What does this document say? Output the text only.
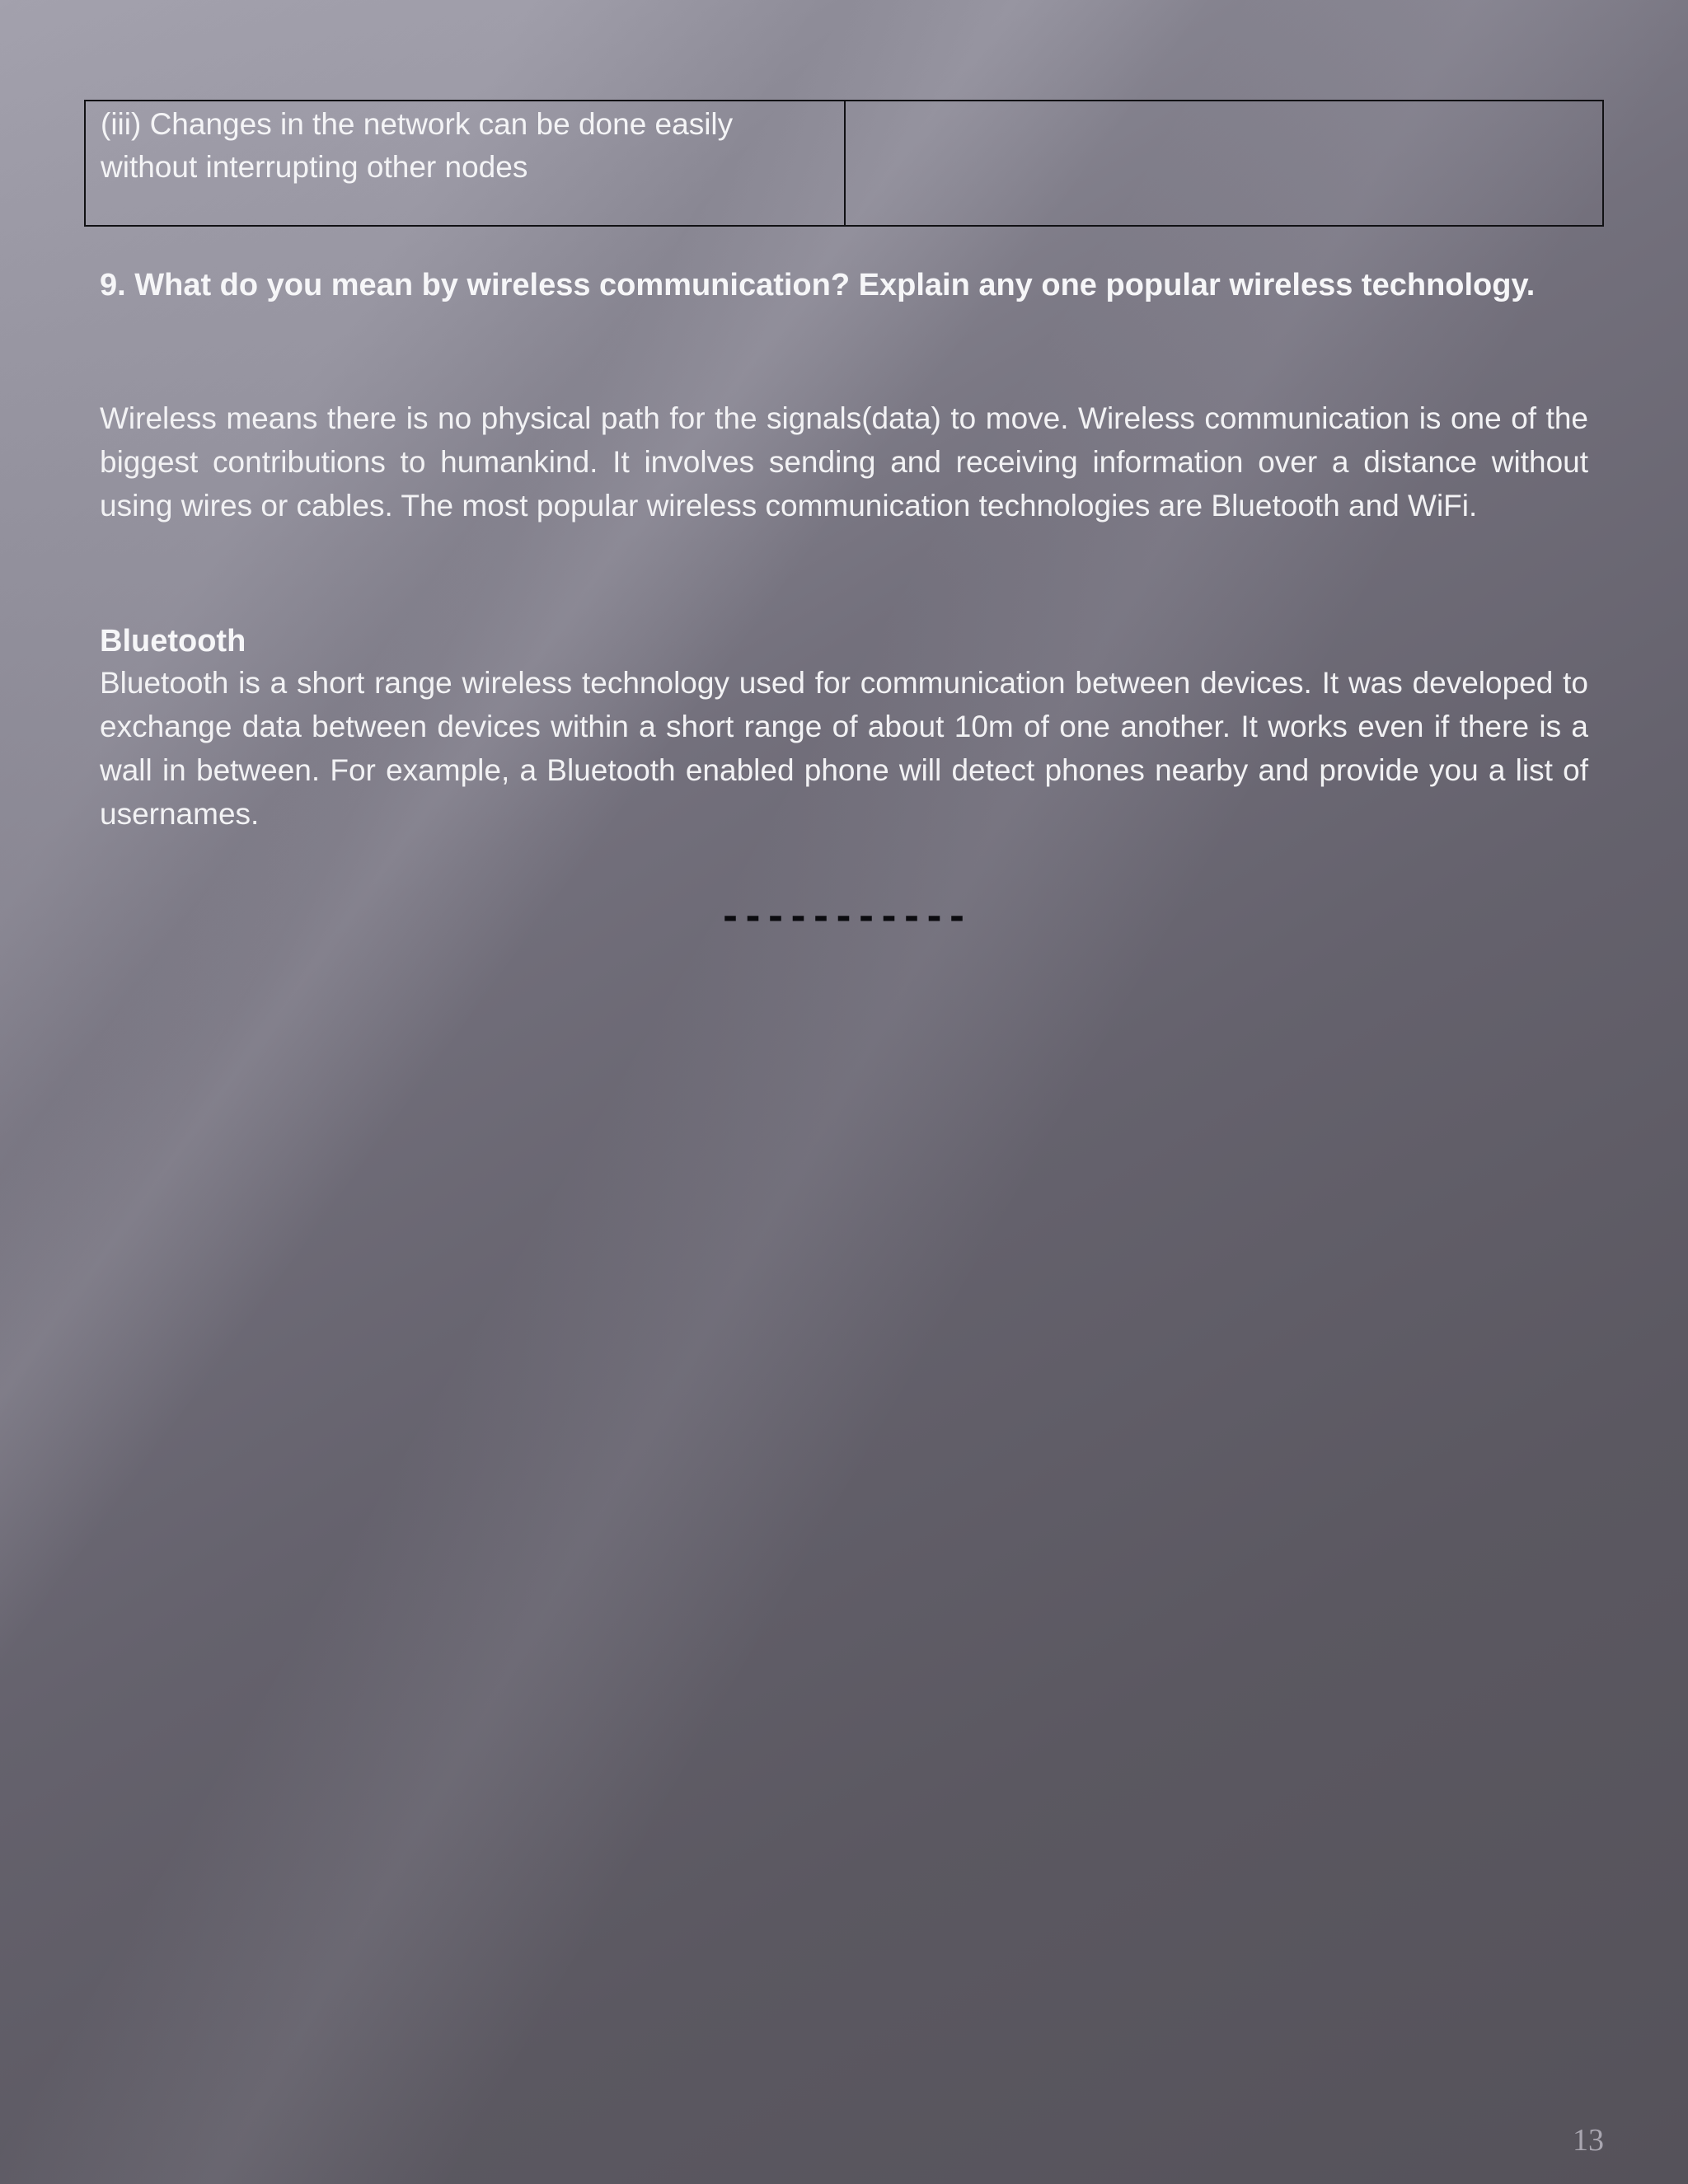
(iii) Changes in the network can be done easily without interrupting other nodes	

9. What do you mean by wireless communication? Explain any one popular wireless technology.

Wireless means there is no physical path for the signals(data) to move. Wireless communication is one of the biggest contributions to humankind. It involves sending and receiving information over a distance without using wires or cables. The most popular wireless communication technologies are Bluetooth and WiFi.

Bluetooth

Bluetooth is a short range wireless technology used for communication between devices. It was developed to exchange data between devices within a short range of about 10m of one another. It works even if there is a wall in between. For example, a Bluetooth enabled phone will detect phones nearby and provide you a list of usernames.

-----------
13
